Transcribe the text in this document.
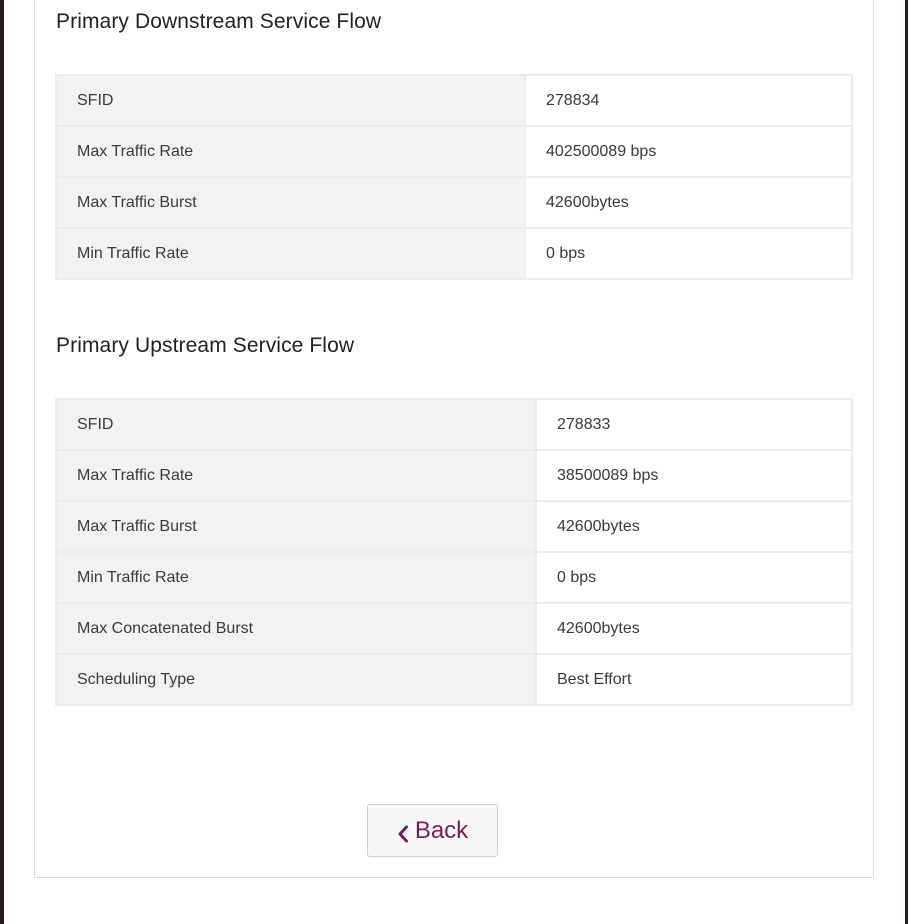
Primary Downstream Service Flow
SFID	278834
Max Traffic Rate	402500089 bps
Max Traffic Burst	42600bytes
Min Traffic Rate	0 bps
Primary Upstream Service Flow
SFID	278833
Max Traffic Rate	38500089 bps
Max Traffic Burst	42600bytes
Min Traffic Rate	0 bps
Max Concatenated Burst	42600bytes
Scheduling Type	Best Effort
Back
